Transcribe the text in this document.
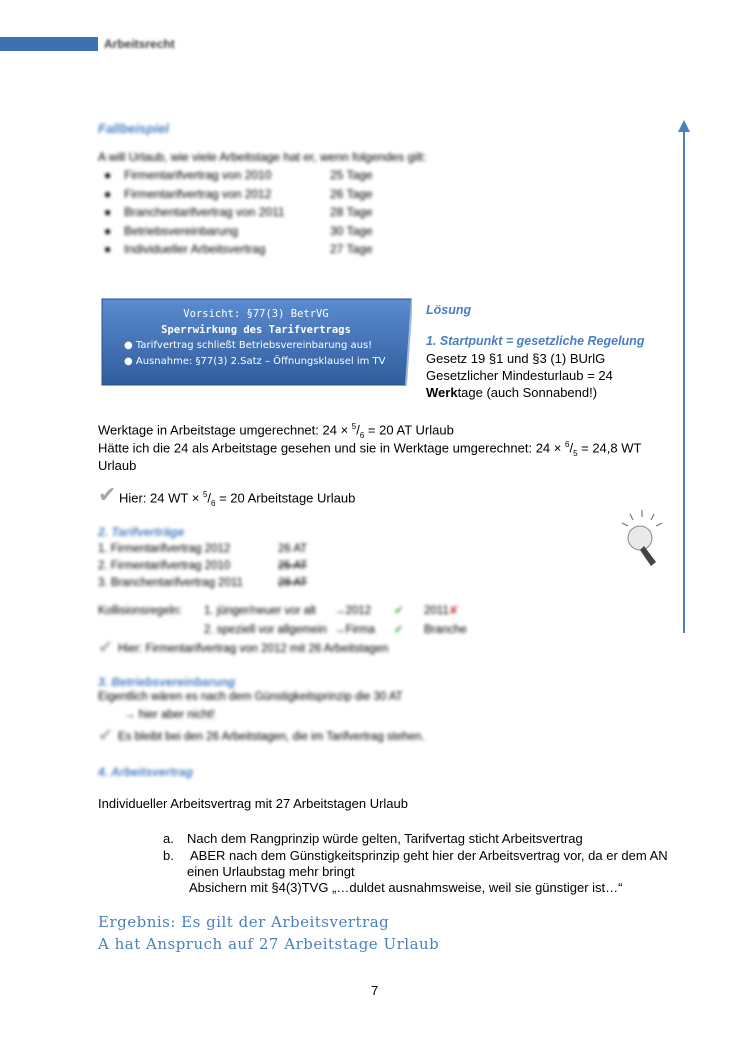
Arbeitsrecht
Fallbeispiel
A will Urlaub, wie viele Arbeitstage hat er, wenn folgendes gilt:
●	Firmentarifvertrag von 2010	25 Tage
●	Firmentarifvertrag von 2012	26 Tage
●	Branchentarifvertrag von 2011	28 Tage
●	Betriebsvereinbarung	30 Tage
●	Individueller Arbeitsvertrag	27 Tage
Vorsicht: §77(3) BetrVG
Sperrwirkung des Tarifvertrags
● Tarifvertrag schließt Betriebsvereinbarung aus!
● Ausnahme: §77(3) 2.Satz – Öffnungsklausel im TV
Lösung
1. Startpunkt = gesetzliche Regelung
Gesetz 19 §1 und §3 (1) BUrlG
Gesetzlicher Mindesturlaub = 24
Werktage (auch Sonnabend!)
Werktage in Arbeitstage umgerechnet: $24 \times ^5/_6 = 20$ AT Urlaub
Hätte ich die 24 als Arbeitstage gesehen und sie in Werktage umgerechnet: $24 \times ^6/_5 = 24,8$ WT
Urlaub
✔ Hier: 24 WT × $^5/_6 = 20$ Arbeitstage Urlaub
2. Tarifverträge
1. Firmentarifvertrag 2012	26 AT
2. Firmentarifvertrag 2010	25 AT
3. Branchentarifvertrag 2011	28 AT
Kollisionsregeln: 1. jünger/neuer vor alt →2012 ✔ 2011✘
2. speziell vor allgemein →Firma ✔ Branche
✔ Hier: Firmentarifvertrag von 2012 mit 26 Arbeitstagen
3. Betriebsvereinbarung
Eigentlich wären es nach dem Günstigkeitsprinzip die 30 AT
→ hier aber nicht!
✔ Es bleibt bei den 26 Arbeitstagen, die im Tarifvertrag stehen.
4. Arbeitsvertrag
Individueller Arbeitsvertrag mit 27 Arbeitstagen Urlaub
a. Nach dem Rangprinzip würde gelten, Tarifvertag sticht Arbeitsvertrag
b. ABER nach dem Günstigkeitsprinzip geht hier der Arbeitsvertrag vor, da er dem AN
einen Urlaubstag mehr bringt
Absichern mit §4(3)TVG „…duldet ausnahmsweise, weil sie günstiger ist…“
Ergebnis: Es gilt der Arbeitsvertrag
A hat Anspruch auf 27 Arbeitstage Urlaub
7
